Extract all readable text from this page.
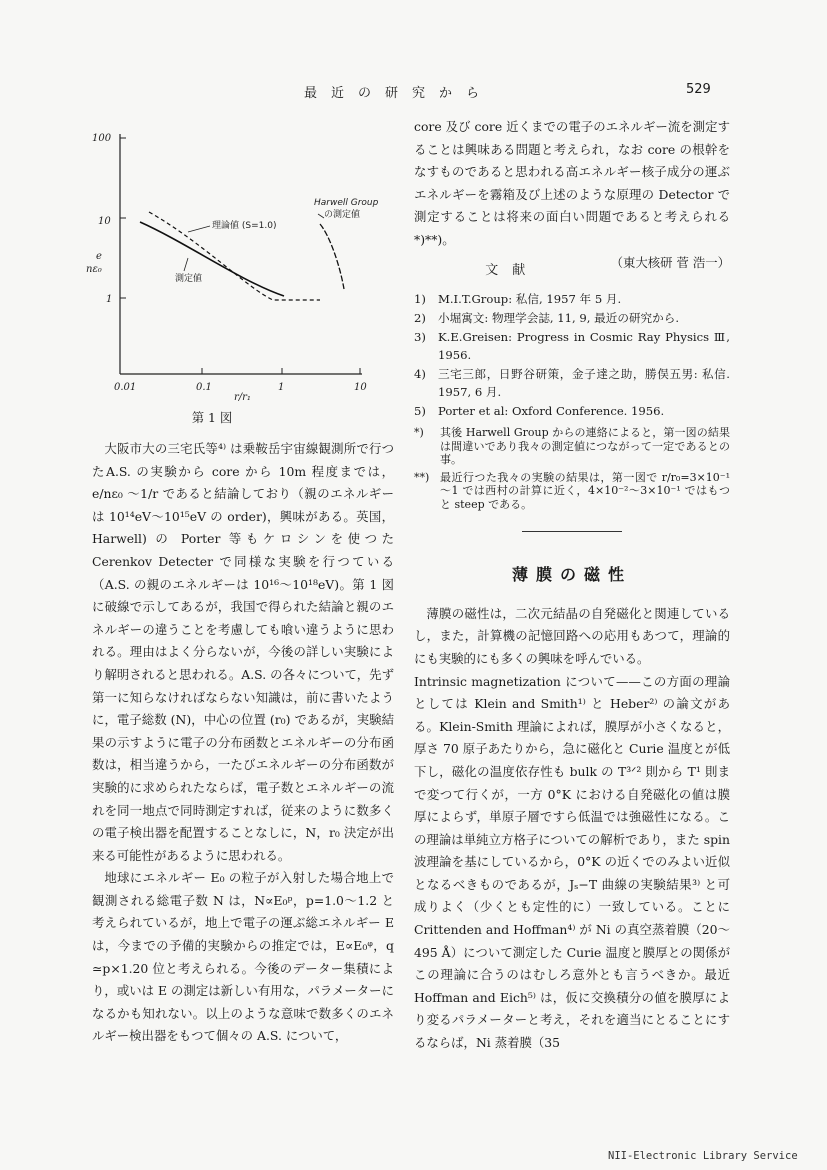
最近の研究から	529
100
10
1
0.01	0.1	1	10
e
nε₀
r/r₁
理論値 (S=1.0)
測定値
Harwell Group
の測定値
第 1 図

大阪市大の三宅氏等⁴⁾ は乗鞍岳宇宙線観測所で行つたA.S. の実験から core から 10m 程度までは，e/nε₀ ～1/r であると結論しており（親のエネルギーは 10¹⁴eV～10¹⁵eV の order)，興味がある。英国，Harwell) の Porter 等もケロシンを使つた Cerenkov Detecter で同様な実験を行つている（A.S. の親のエネルギーは 10¹⁶～10¹⁸eV)。第 1 図に破線で示してあるが，我国で得られた結論と親のエネルギーの違うことを考慮しても喰い違うように思われる。理由はよく分らないが，今後の詳しい実験により解明されると思われる。A.S. の各々について，先ず第一に知らなければならない知識は，前に書いたように，電子総数 (N)，中心の位置 (r₀) であるが，実験結果の示すように電子の分布函数とエネルギーの分布函数は，相当違うから，一たびエネルギーの分布函数が実験的に求められたならば，電子数とエネルギーの流れを同一地点で同時測定すれば，従来のように数多くの電子検出器を配置することなしに，N，r₀ 決定が出来る可能性があるように思われる。

地球にエネルギー E₀ の粒子が入射した場合地上で観測される総電子数 N は，N∝E₀ᵖ，p=1.0～1.2 と考えられているが，地上で電子の運ぶ総エネルギー E は，今までの予備的実験からの推定では，E∝E₀ᵠ，q ≃p×1.20 位と考えられる。今後のデーター集積により，或いは E の測定は新しい有用な，パラメーターになるかも知れない。以上のような意味で数多くのエネルギー検出器をもつて個々の A.S. について，

core 及び core 近くまでの電子のエネルギー流を測定することは興味ある問題と考えられ，なお core の根幹をなすものであると思われる高エネルギー核子成分の運ぶエネルギーを霧箱及び上述のような原理の Detector で測定することは将来の面白い問題であると考えられる*)**)。

（東大核研 菅 浩一）
文献
1) M.I.T.Group: 私信, 1957 年 5 月.
2) 小堀寓文: 物理学会誌, 11, 9, 最近の研究から.
3) K.E.Greisen: Progress in Cosmic Ray Physics Ⅲ, 1956.
4) 三宅三郎，日野谷研策，金子達之助，勝俣五男: 私信. 1957, 6 月.
5) Porter et al: Oxford Conference. 1956.
*) 其後 Harwell Group からの連絡によると，第一図の結果は間違いであり我々の測定値につながって一定であるとの事。
**) 最近行つた我々の実験の結果は，第一図で r/r₀=3×10⁻¹～1 では西村の計算に近く，4×10⁻²～3×10⁻¹ ではもつと steep である。
薄膜の磁性

薄膜の磁性は，二次元結晶の自発磁化と関連しているし，また，計算機の記憶回路への応用もあつて，理論的にも実験的にも多くの興味を呼んでいる。

Intrinsic magnetization について——この方面の理論としては Klein and Smith¹⁾ と Heber²⁾ の論文がある。Klein-Smith 理論によれば，膜厚が小さくなると，厚さ 70 原子あたりから，急に磁化と Curie 温度とが低下し，磁化の温度依存性も bulk の T³ᐟ² 則から T¹ 則まで変つて行くが，一方 0°K における自発磁化の値は膜厚によらず，単原子層ですら低温では強磁性になる。この理論は単純立方格子についての解析であり，また spin 波理論を基にしているから，0°K の近くでのみよい近似となるべきものであるが，Jₛ−T 曲線の実験結果³⁾ と可成りよく（少くとも定性的に）一致している。ことに Crittenden and Hoffman⁴⁾ が Ni の真空蒸着膜（20～495 Å）について測定した Curie 温度と膜厚との関係がこの理論に合うのはむしろ意外とも言うべきか。最近 Hoffman and Eich⁵⁾ は，仮に交換積分の値を膜厚により変るパラメーターと考え，それを適当にとることにするならば，Ni 蒸着膜（35

NII-Electronic Library Service
